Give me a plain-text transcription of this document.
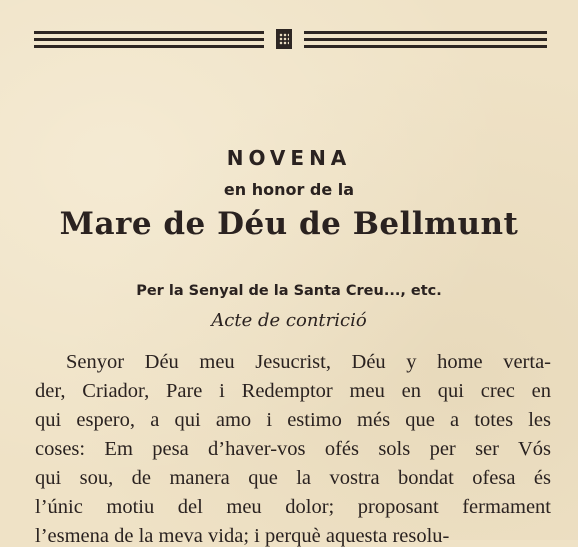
NOVENA
en honor de la
Mare de Déu de Bellmunt
Per la Senyal de la Santa Creu..., etc.
Acte de contrició
Senyor Déu meu Jesucrist, Déu y home verta-
der, Criador, Pare i Redemptor meu en qui crec en
qui espero, a qui amo i estimo més que a totes les
coses: Em pesa d’haver-vos ofés sols per ser Vós
qui sou, de manera que la vostra bondat ofesa és
l’únic motiu del meu dolor; proposant fermament
l’esmena de la meva vida; i perquè aquesta resolu-
